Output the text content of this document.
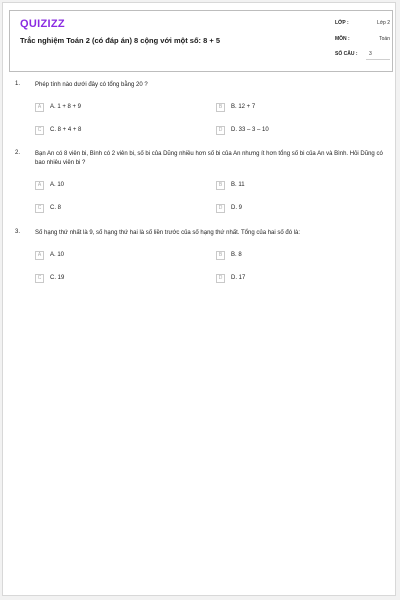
QUIZIZZ
Trắc nghiệm Toán 2 (có đáp án) 8 cộng với một số: 8 + 5
LỚP :	Lớp 2
MÔN :	Toán
SỐ CÂU :	3
1. Phép tính nào dưới đây có tổng bằng 20 ?
A	A. 1 + 8 + 9	B	B. 12 + 7
C	C. 8 + 4 + 8	D	D. 33 – 3 – 10
2. Bạn An có 8 viên bi, Bình có 2 viên bi, số bi của Dũng nhiều hơn số bi của An nhưng ít hơn tổng số bi của An và Bình. Hỏi Dũng có bao nhiêu viên bi ?
A	A. 10	B	B. 11
C	C. 8	D	D. 9
3. Số hạng thứ nhất là 9, số hạng thứ hai là số liền trước của số hạng thứ nhất. Tổng của hai số đó là:
A	A. 10	B	B. 8
C	C. 19	D	D. 17
